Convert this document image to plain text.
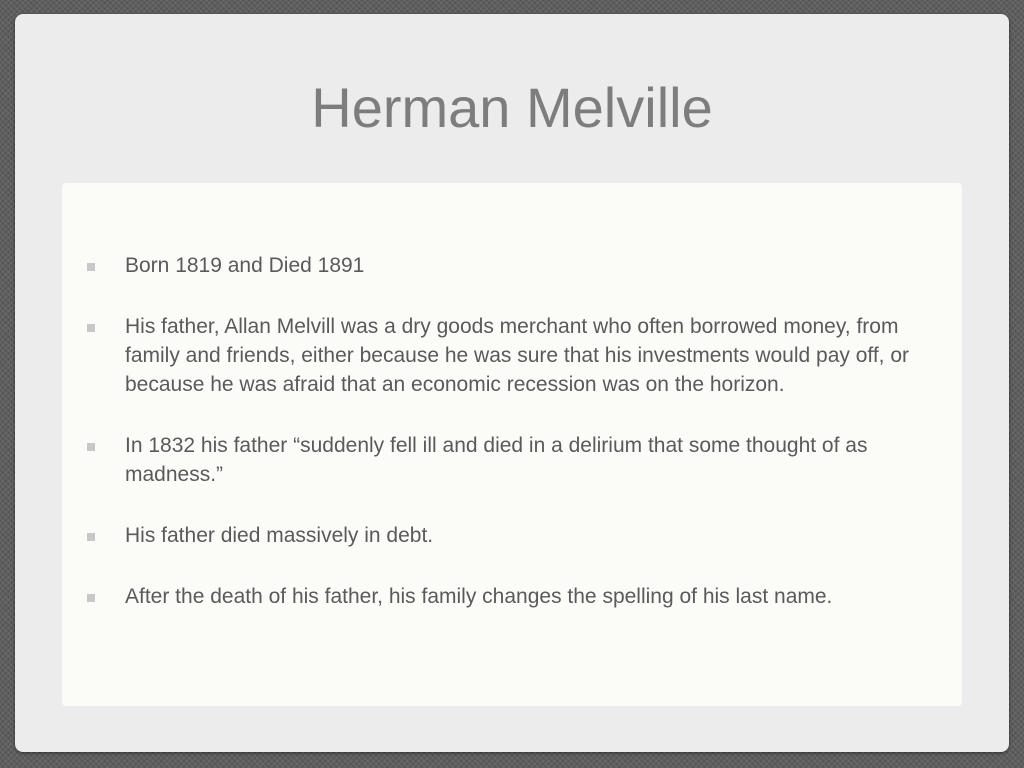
Herman Melville
Born 1819 and Died 1891
His father, Allan Melvill was a dry goods merchant who often borrowed money, from family and friends, either because he was sure that his investments would pay off, or because he was afraid that an economic recession was on the horizon.
In 1832 his father “suddenly fell ill and died in a delirium that some thought of as madness.”
His father died massively in debt.
After the death of his father, his family changes the spelling of his last name.
